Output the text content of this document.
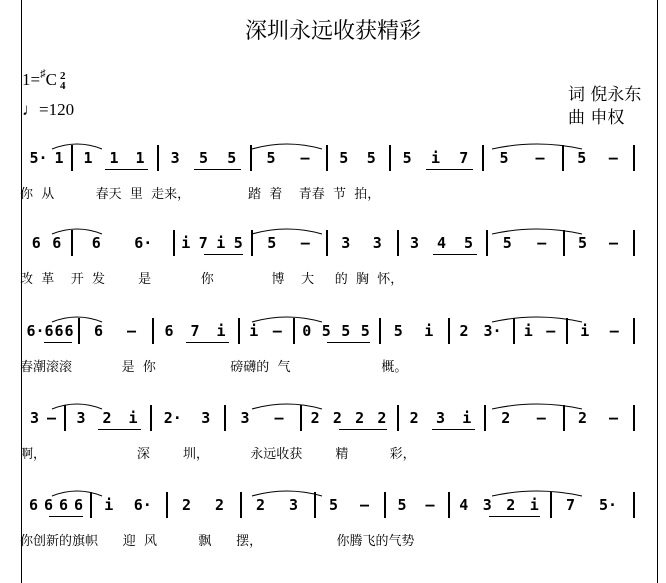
深圳永远收获精彩
1=♯C 2
4
♩=120
词 倪永东
曲 申权
5· 1 1 1 1 3 5 5 5 – 5 5 5 i 7 5 – 5 –
你  从          春天  里  走来，              踏  着    青春  节  拍，
6 6 6 6· i 7 i 5 5 – 3 3 3 4 5 5 – 5 –
改  革    开  发        是            你              博    大     的  胸  怀，
6·6 6 6 6 – 6 7 i i – 0 5 5 5 5 i 2 3· i – i –
春潮滚滚            是  你                  磅礴的  气                      概。
3 – 3 2 i 2· 3 3 – 2 2 2 2 2 3 i 2 – 2 –
啊，                      深        圳，          永远收获        精          彩，
6 6 6 6 i 6· 2 2 2 3 5 – 5 – 4 3 2 i 7 5·
你创新的旗帜      迎  风          飘      摆，                  你腾飞的气势
